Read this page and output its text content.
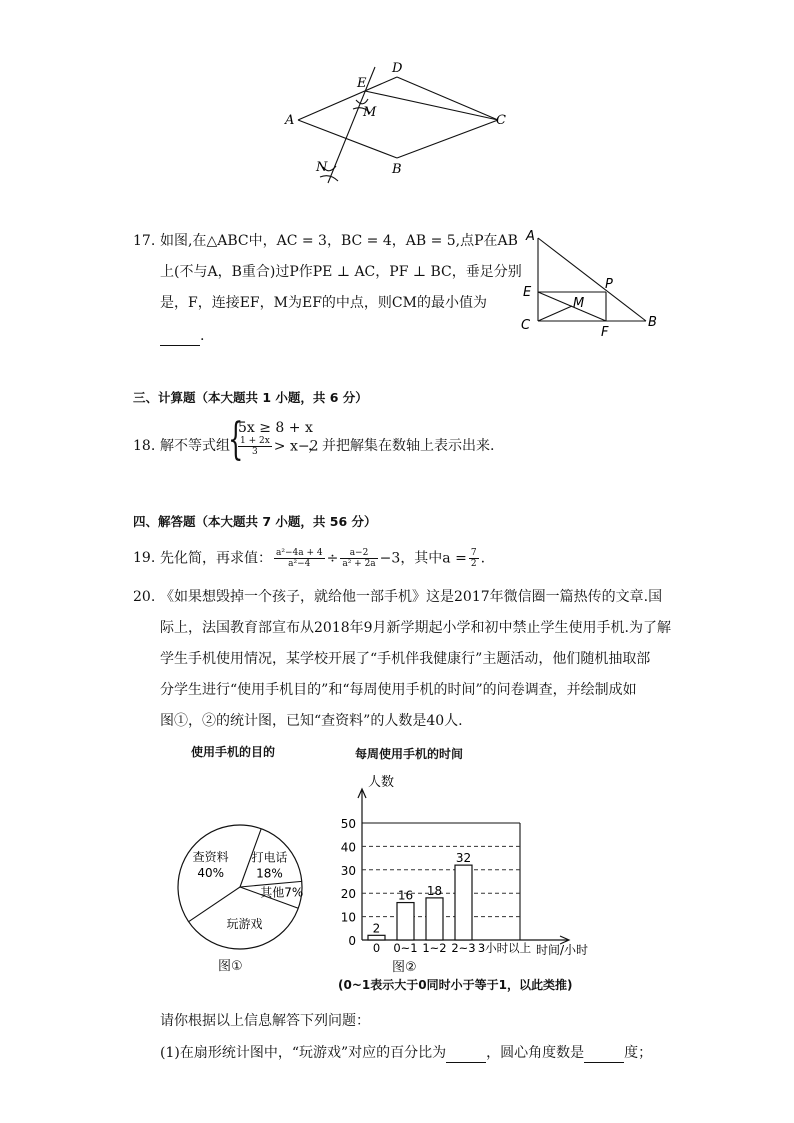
A
D
E
M
C
B
N
17. 如图,在△ABC中，AC = 3，BC = 4，AB = 5,点P在AB
上(不与A，B重合)过P作PE ⊥ AC，PF ⊥ BC，垂足分别
是，F，连接EF，M为EF的中点，则CM的最小值为
.
A
P
E
M
C	F
B
三、计算题（本大题共 1 小题，共 6 分）
18. 解不等式组
{
5x ≥ 8 + x
$\frac{1 + 2x}{3} > x-2$
，并把解集在数轴上表示出来.
四、解答题（本大题共 7 小题，共 56 分）
19. 先化简，再求值： $\frac{\text{a²−4a + 4}}{\text{a²−4}} \div \frac{a-2}{\text{a² + 2a}} -3$，其中$a = \frac{7}{2}$ .
20. 《如果想毁掉一个孩子，就给他一部手机》这是2017年微信圈一篇热传的文章.国
际上，法国教育部宣布从2018年9月新学期起小学和初中禁止学生使用手机.为了解
学生手机使用情况，某学校开展了“手机伴我健康行”主题活动，他们随机抽取部
分学生进行“使用手机目的”和“每周使用手机的时间”的问卷调查，并绘制成如
图①，②的统计图，已知“查资料”的人数是40人.
使用手机的目的	每周使用手机的时间
查资料
40%
打电话
18%
其他7%
玩游戏
图①
0
10
20
30
40
50
人数
时间/小时
2
0
16
0~1
18
1~2
32
2~3 3小时以上
图②
(0~1表示大于0同时小于等于1，以此类推)
请你根据以上信息解答下列问题：
(1)在扇形统计图中，“玩游戏”对应的百分比为	，圆心角度数是	度；
